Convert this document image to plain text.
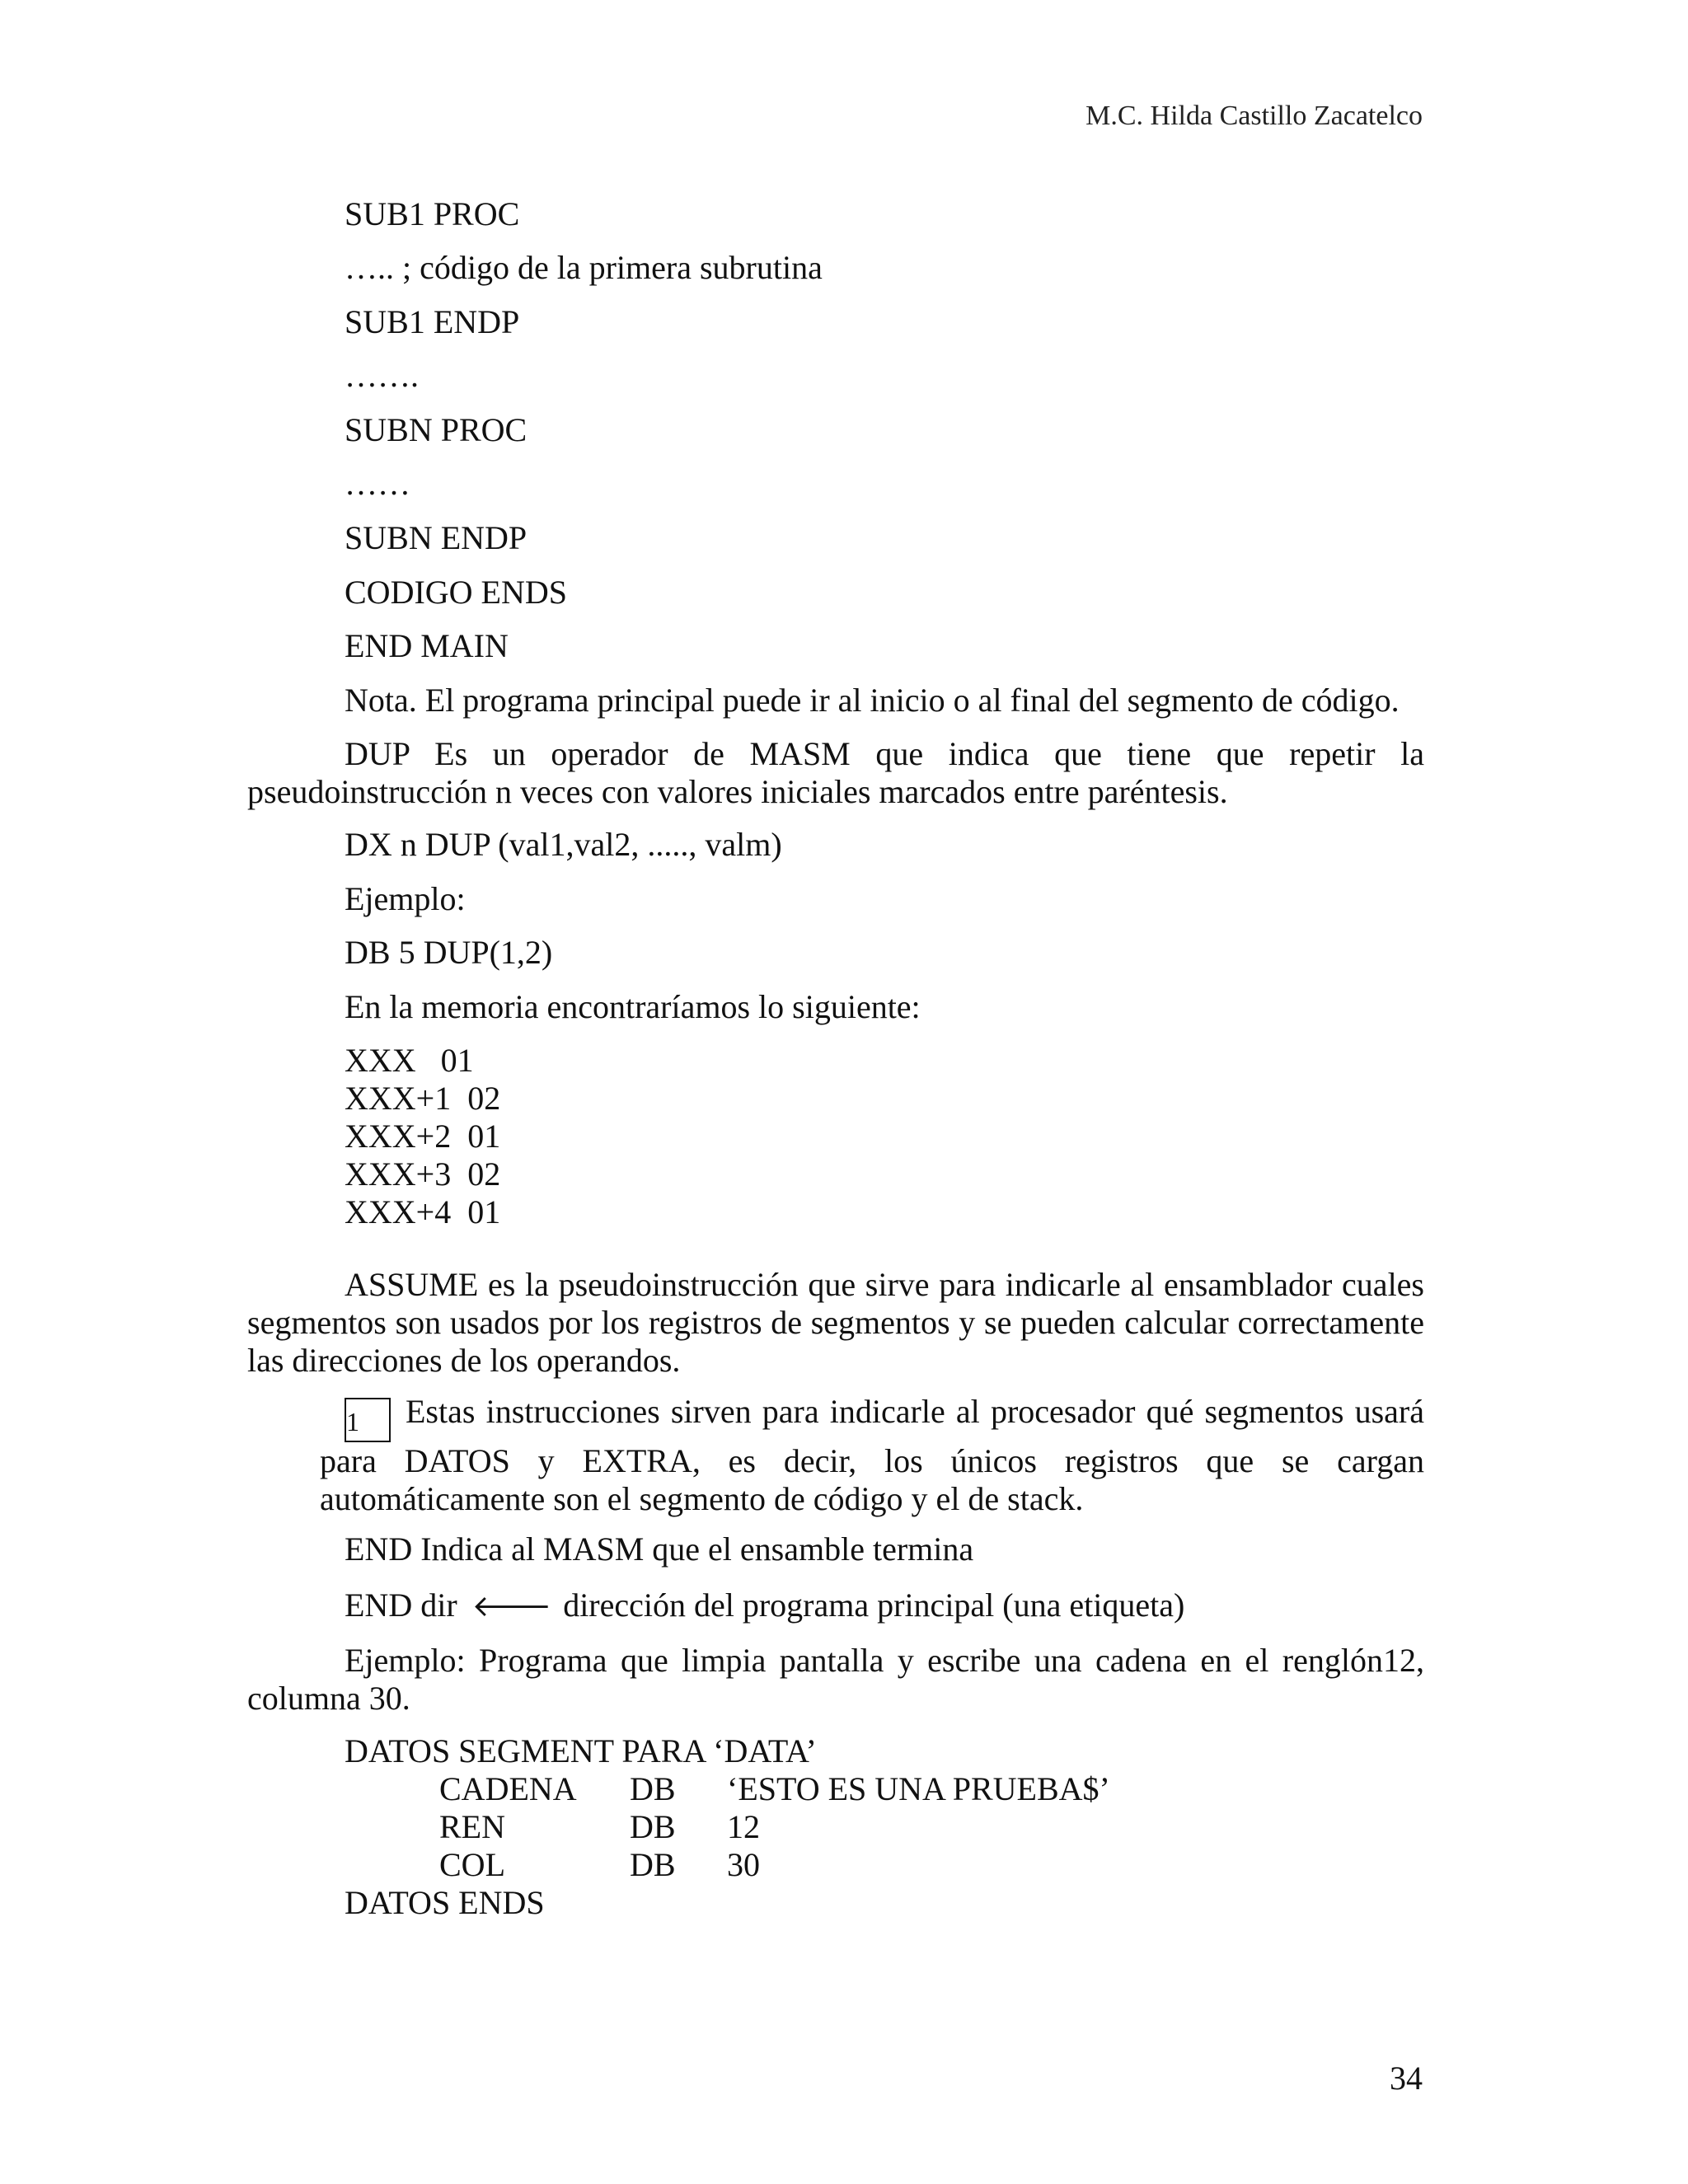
M.C. Hilda Castillo Zacatelco
SUB1 PROC
….. ; código de la primera subrutina
SUB1 ENDP
…….
SUBN PROC
……
SUBN ENDP
CODIGO ENDS
END MAIN
Nota. El programa principal puede ir al inicio o al final del segmento de código.
DUP Es un operador de MASM que indica que tiene que repetir la pseudoinstrucción n veces con valores iniciales marcados entre paréntesis.
DX n DUP (val1,val2, ....., valm)
Ejemplo:
DB 5 DUP(1,2)
En la memoria encontraríamos lo siguiente:
XXX   01
XXX+1  02
XXX+2  01
XXX+3  02
XXX+4  01
ASSUME es la pseudoinstrucción que sirve para indicarle al ensamblador cuales segmentos son usados por los registros de segmentos y se pueden calcular correctamente las direcciones de los operandos.
1 Estas instrucciones sirven para indicarle al procesador qué segmentos usará para DATOS y EXTRA, es decir, los únicos registros que se cargan automáticamente son el segmento de código y el de stack.
END Indica al MASM que el ensamble termina
END dir 🡐 dirección del programa principal (una etiqueta)
Ejemplo: Programa que limpia pantalla y escribe una cadena en el renglón12, columna 30.
DATOS SEGMENT PARA ‘DATA’
CADENA DB ‘ESTO ES UNA PRUEBA$’
REN	DB 12
COL	DB 30
DATOS ENDS
34
